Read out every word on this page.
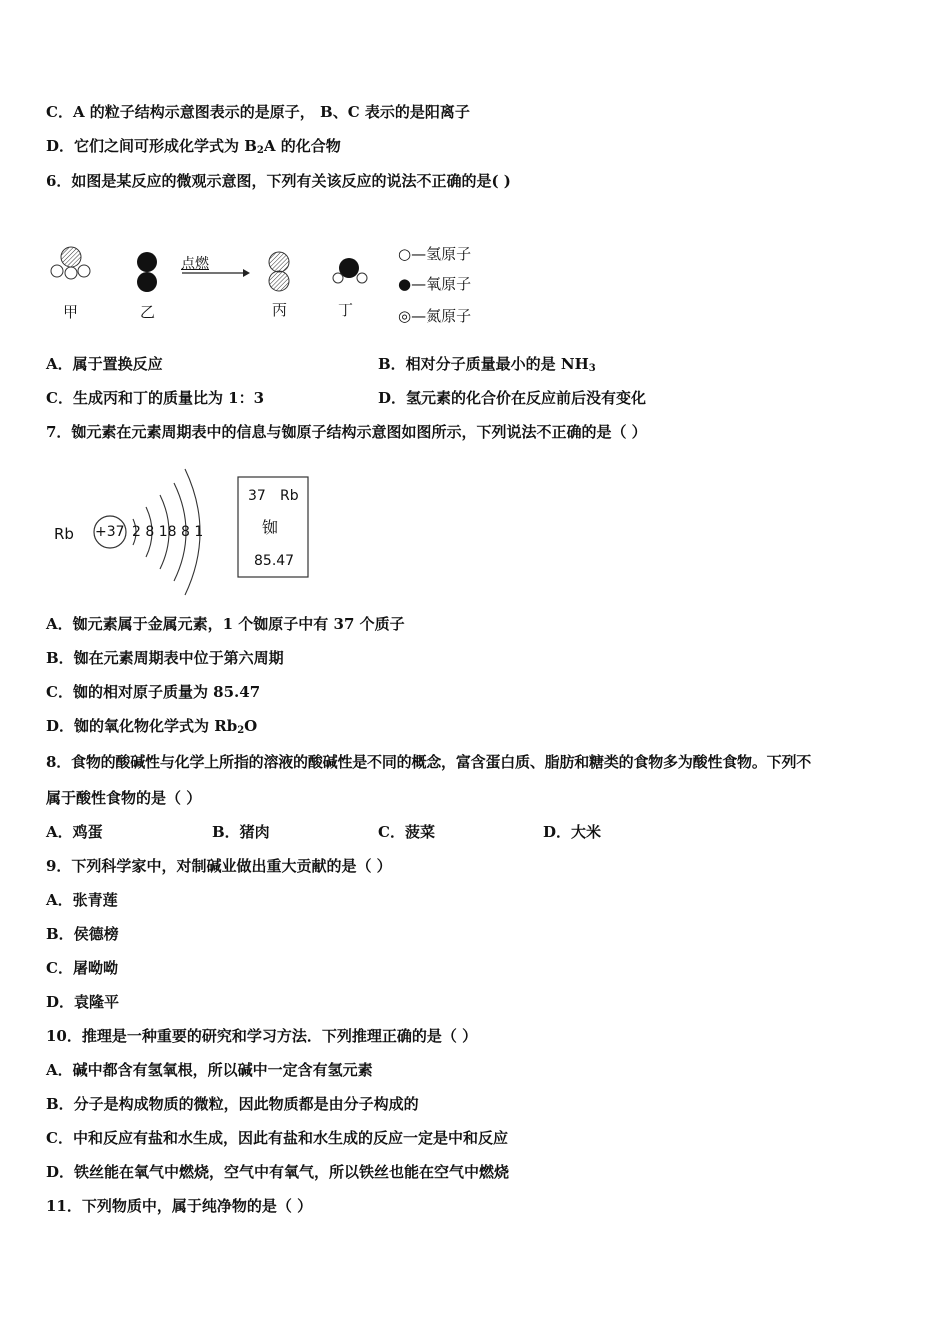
C．A 的粒子结构示意图表示的是原子， B、C 表示的是阳离子
D．它们之间可形成化学式为 $B_2A$ 的化合物
6．如图是某反应的微观示意图，下列有关该反应的说法不正确的是( )
点燃
甲	乙	丙	丁
○—氢原子
●—氧原子
◎—氮原子
A．属于置换反应	B．相对分子质量最小的是 $NH_3$
C．生成丙和丁的质量比为 1：3	D．氢元素的化合价在反应前后没有变化
7．铷元素在元素周期表中的信息与铷原子结构示意图如图所示，下列说法不正确的是（ ）
Rb +37 2 8 18 8 1
37 Rb
铷
85.47
A．铷元素属于金属元素，1 个铷原子中有 37 个质子
B．铷在元素周期表中位于第六周期
C．铷的相对原子质量为 85.47
D．铷的氧化物化学式为 $Rb_2O$
8．食物的酸碱性与化学上所指的溶液的酸碱性是不同的概念，富含蛋白质、脂肪和糖类的食物多为酸性食物。下列不
属于酸性食物的是（ ）
A．鸡蛋	B．猪肉	C．菠菜	D．大米
9．下列科学家中，对制碱业做出重大贡献的是（ ）
A．张青莲
B．侯德榜
C．屠呦呦
D．袁隆平
10．推理是一种重要的研究和学习方法．下列推理正确的是（ ）
A．碱中都含有氢氧根，所以碱中一定含有氢元素
B．分子是构成物质的微粒，因此物质都是由分子构成的
C．中和反应有盐和水生成，因此有盐和水生成的反应一定是中和反应
D．铁丝能在氧气中燃烧，空气中有氧气，所以铁丝也能在空气中燃烧
11．下列物质中，属于纯净物的是（ ）
